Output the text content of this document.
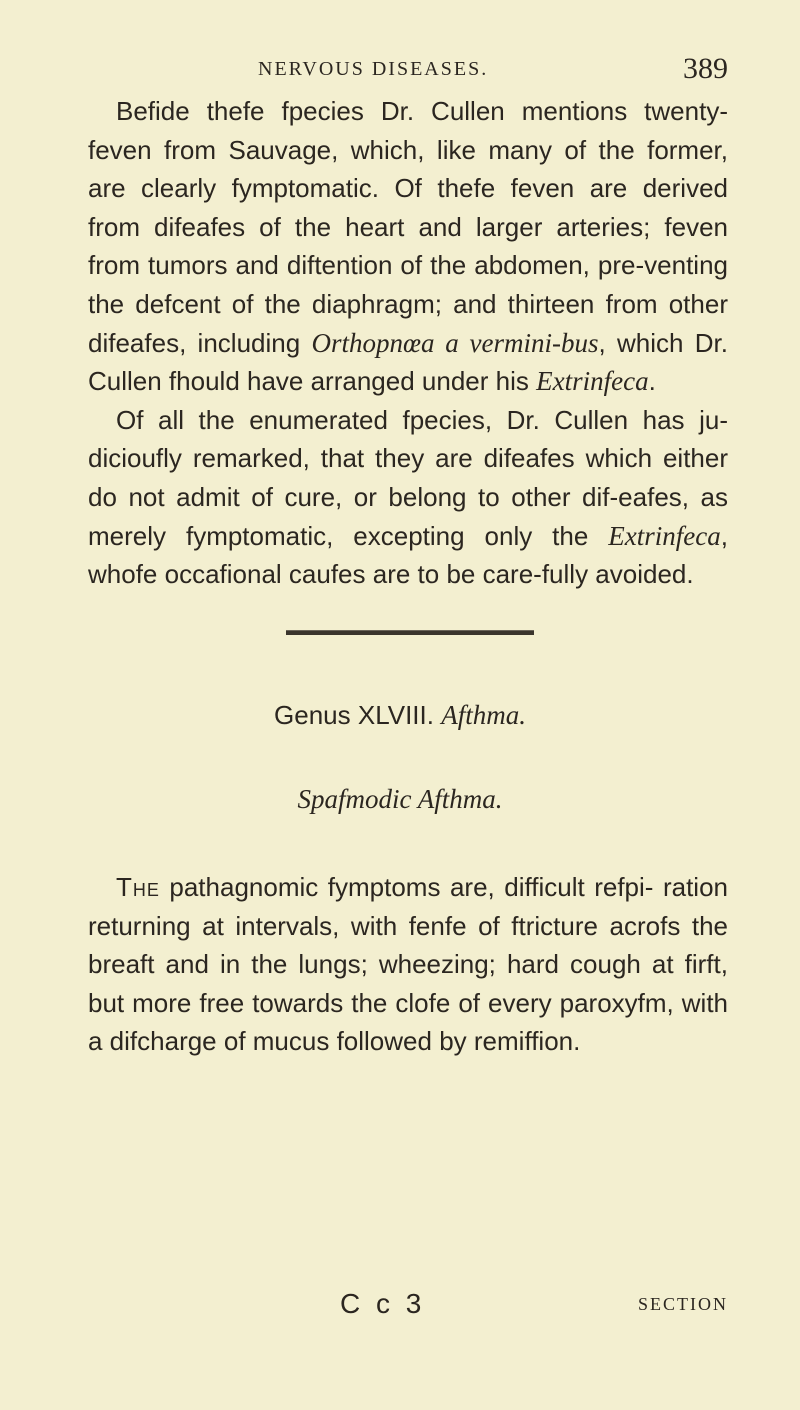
NERVOUS DISEASES.	389

Befide thefe fpecies Dr. Cullen mentions twenty- feven from Sauvage, which, like many of the former, are clearly fymptomatic. Of thefe feven are derived from difeafes of the heart and larger arteries; feven from tumors and diftention of the abdomen, pre-venting the defcent of the diaphragm; and thirteen from other difeafes, including Orthopnœa a vermini-bus, which Dr. Cullen fhould have arranged under his Extrinfeca.

Of all the enumerated fpecies, Dr. Cullen has ju-dicioufly remarked, that they are difeafes which either do not admit of cure, or belong to other dif-eafes, as merely fymptomatic, excepting only the Extrinfeca, whofe occafional caufes are to be care-fully avoided.

Genus XLVIII. Afthma.
Spafmodic Afthma.

The pathagnomic fymptoms are, difficult refpi- ration returning at intervals, with fenfe of ftricture acrofs the breaft and in the lungs; wheezing; hard cough at firft, but more free towards the clofe of every paroxyfm, with a difcharge of mucus followed by remiffion.

C c 3	SECTION
